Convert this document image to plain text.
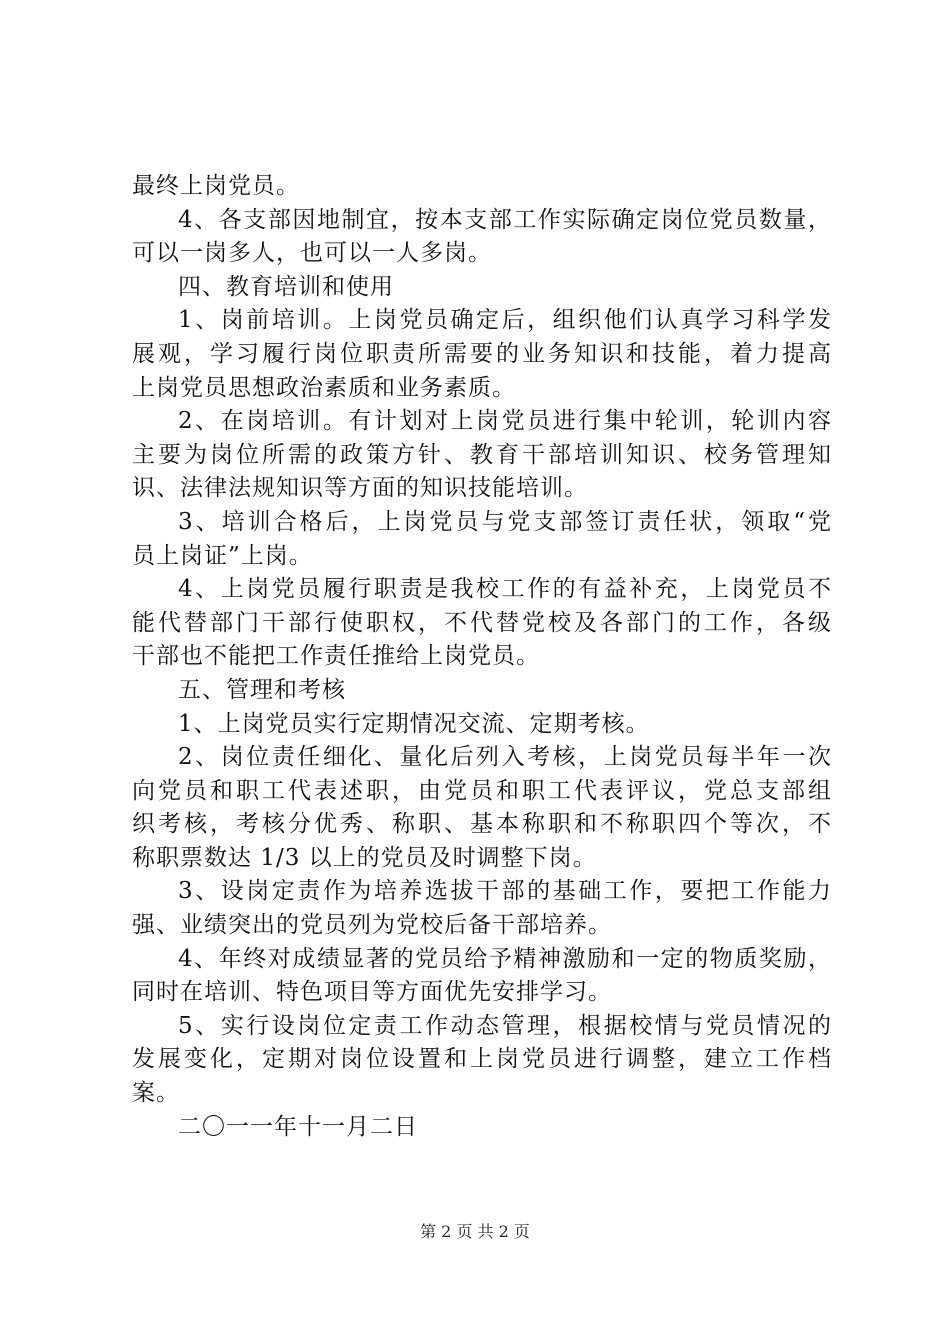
最终上岗党员。
4、各支部因地制宜，按本支部工作实际确定岗位党员数量，
可以一岗多人，也可以一人多岗。
四、教育培训和使用
1、岗前培训。上岗党员确定后，组织他们认真学习科学发
展观，学习履行岗位职责所需要的业务知识和技能，着力提高
上岗党员思想政治素质和业务素质。
2、在岗培训。有计划对上岗党员进行集中轮训，轮训内容
主要为岗位所需的政策方针、教育干部培训知识、校务管理知
识、法律法规知识等方面的知识技能培训。
3、培训合格后，上岗党员与党支部签订责任状，领取“党
员上岗证”上岗。
4、上岗党员履行职责是我校工作的有益补充，上岗党员不
能代替部门干部行使职权，不代替党校及各部门的工作，各级
干部也不能把工作责任推给上岗党员。
五、管理和考核
1、上岗党员实行定期情况交流、定期考核。
2、岗位责任细化、量化后列入考核，上岗党员每半年一次
向党员和职工代表述职，由党员和职工代表评议，党总支部组
织考核，考核分优秀、称职、基本称职和不称职四个等次，不
称职票数达 1/3 以上的党员及时调整下岗。
3、设岗定责作为培养选拔干部的基础工作，要把工作能力
强、业绩突出的党员列为党校后备干部培养。
4、年终对成绩显著的党员给予精神激励和一定的物质奖励，
同时在培训、特色项目等方面优先安排学习。
5、实行设岗位定责工作动态管理，根据校情与党员情况的
发展变化，定期对岗位设置和上岗党员进行调整，建立工作档
案。
二〇一一年十一月二日
第 2 页 共 2 页
